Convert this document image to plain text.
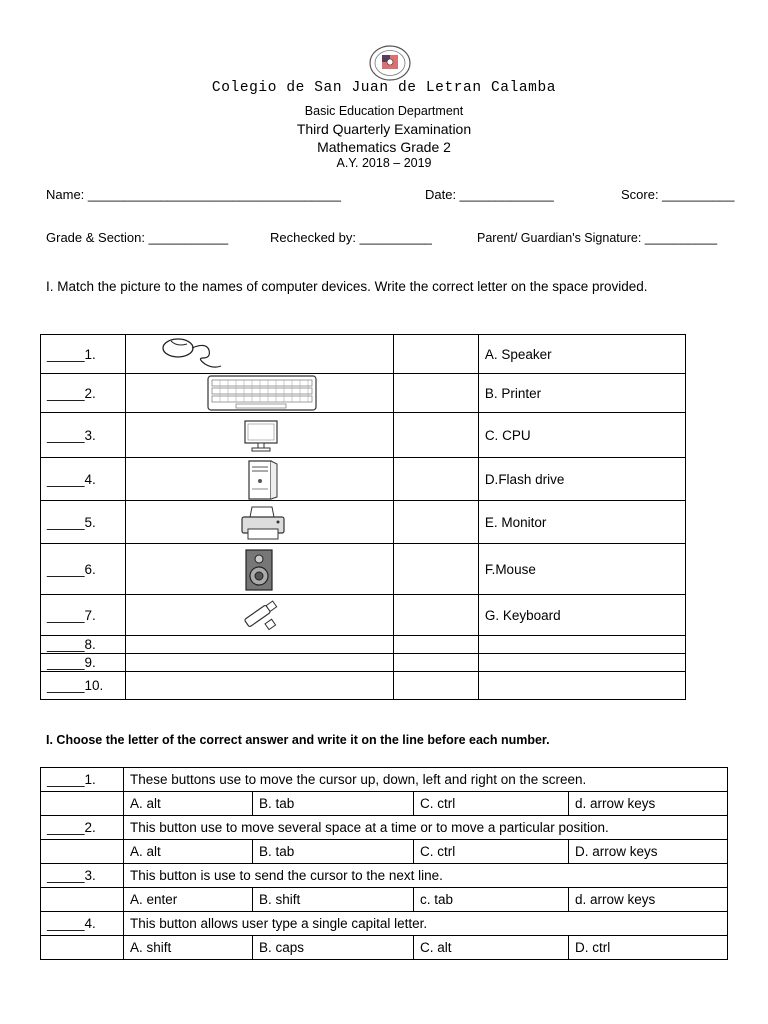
Colegio de San Juan de Letran Calamba
Basic Education Department
Third Quarterly Examination
Mathematics Grade 2
A.Y. 2018 – 2019
Name: ___________________________________	Date: _____________	Score: __________
Grade & Section: ___________	Rechecked by: __________	Parent/ Guardian's Signature: __________
I. Match the picture to the names of computer devices. Write the correct letter on the space provided.
_____1.			A. Speaker
_____2.			B. Printer
_____3.			C. CPU
_____4.			D.Flash drive
_____5.			E. Monitor
_____6.			F.Mouse
_____7.			G. Keyboard
_____8.			
_____9.			
_____10.			
I. Choose the letter of the correct answer and write it on the line before each number.
_____1.	These buttons use to move the cursor up, down, left and right on the screen.			
	A. alt	B. tab	C. ctrl	d. arrow keys
_____2.	This button use to move several space at a time or to move a particular position.			
	A. alt	B. tab	C. ctrl	D. arrow keys
_____3.	This button is use to send the cursor to the next line.			
	A. enter	B. shift	c. tab	d. arrow keys
_____4.	This button allows user type a single capital letter.			
	A. shift	B. caps	C. alt	D. ctrl
